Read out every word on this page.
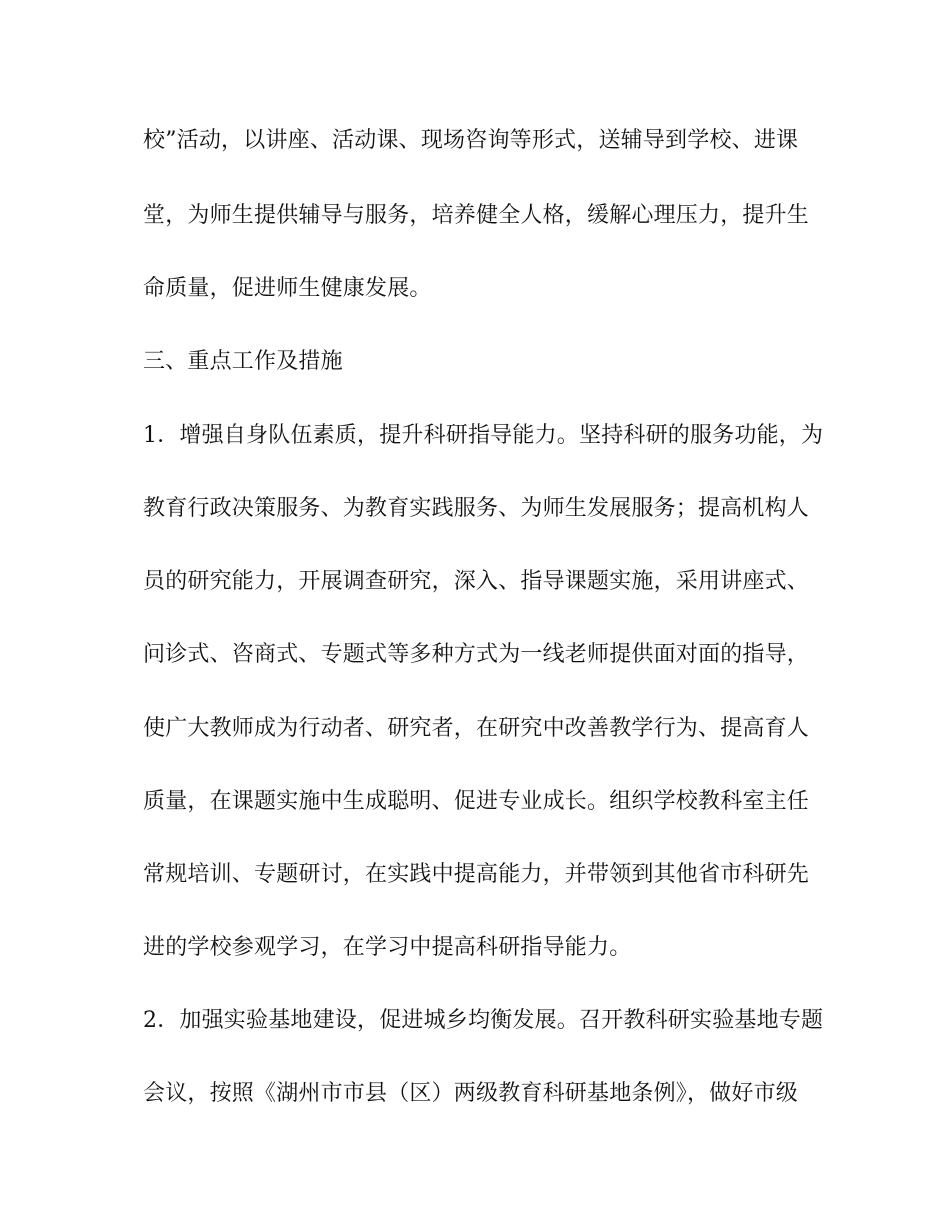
校”活动，以讲座、活动课、现场咨询等形式，送辅导到学校、进课
堂，为师生提供辅导与服务，培养健全人格，缓解心理压力，提升生
命质量，促进师生健康发展。
三、重点工作及措施
1．增强自身队伍素质，提升科研指导能力。坚持科研的服务功能，为
教育行政决策服务、为教育实践服务、为师生发展服务；提高机构人
员的研究能力，开展调查研究，深入、指导课题实施，采用讲座式、
问诊式、咨商式、专题式等多种方式为一线老师提供面对面的指导，
使广大教师成为行动者、研究者，在研究中改善教学行为、提高育人
质量，在课题实施中生成聪明、促进专业成长。组织学校教科室主任
常规培训、专题研讨，在实践中提高能力，并带领到其他省市科研先
进的学校参观学习，在学习中提高科研指导能力。
2．加强实验基地建设，促进城乡均衡发展。召开教科研实验基地专题
会议，按照《湖州市市县（区）两级教育科研基地条例》，做好市级
